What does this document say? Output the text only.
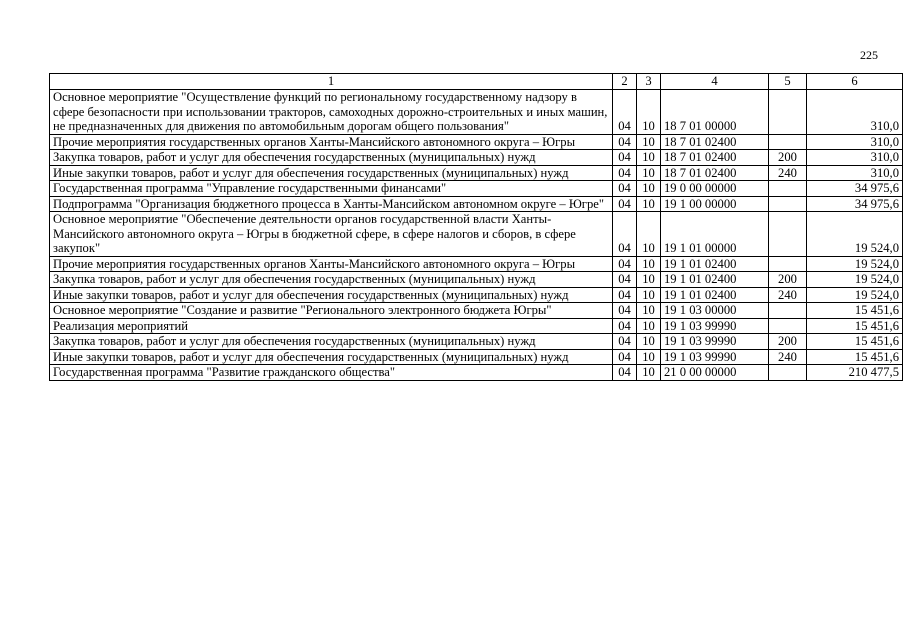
225
1	2	3	4	5	6
Основное мероприятие "Осуществление функций по региональному государственному надзору в сфере безопасности при использовании тракторов, самоходных дорожно-строительных и иных машин, не предназначенных для движения по автомобильным дорогам общего пользования"	04	10	18 7 01 00000		310,0
Прочие мероприятия государственных органов Ханты-Мансийского автономного округа – Югры	04	10	18 7 01 02400		310,0
Закупка товаров, работ и услуг для обеспечения государственных (муниципальных) нужд	04	10	18 7 01 02400	200	310,0
Иные закупки товаров, работ и услуг для обеспечения государственных (муниципальных) нужд	04	10	18 7 01 02400	240	310,0
Государственная программа "Управление государственными финансами"	04	10	19 0 00 00000		34 975,6
Подпрограмма "Организация бюджетного процесса в Ханты-Мансийском автономном округе – Югре"	04	10	19 1 00 00000		34 975,6
Основное мероприятие "Обеспечение деятельности органов государственной власти Ханты-Мансийского автономного округа – Югры в бюджетной сфере, в сфере налогов и сборов, в сфере закупок"	04	10	19 1 01 00000		19 524,0
Прочие мероприятия государственных органов Ханты-Мансийского автономного округа – Югры	04	10	19 1 01 02400		19 524,0
Закупка товаров, работ и услуг для обеспечения государственных (муниципальных) нужд	04	10	19 1 01 02400	200	19 524,0
Иные закупки товаров, работ и услуг для обеспечения государственных (муниципальных) нужд	04	10	19 1 01 02400	240	19 524,0
Основное мероприятие "Создание и развитие "Регионального электронного бюджета Югры"	04	10	19 1 03 00000		15 451,6
Реализация мероприятий	04	10	19 1 03 99990		15 451,6
Закупка товаров, работ и услуг для обеспечения государственных (муниципальных) нужд	04	10	19 1 03 99990	200	15 451,6
Иные закупки товаров, работ и услуг для обеспечения государственных (муниципальных) нужд	04	10	19 1 03 99990	240	15 451,6
Государственная программа "Развитие гражданского общества"	04	10	21 0 00 00000		210 477,5
